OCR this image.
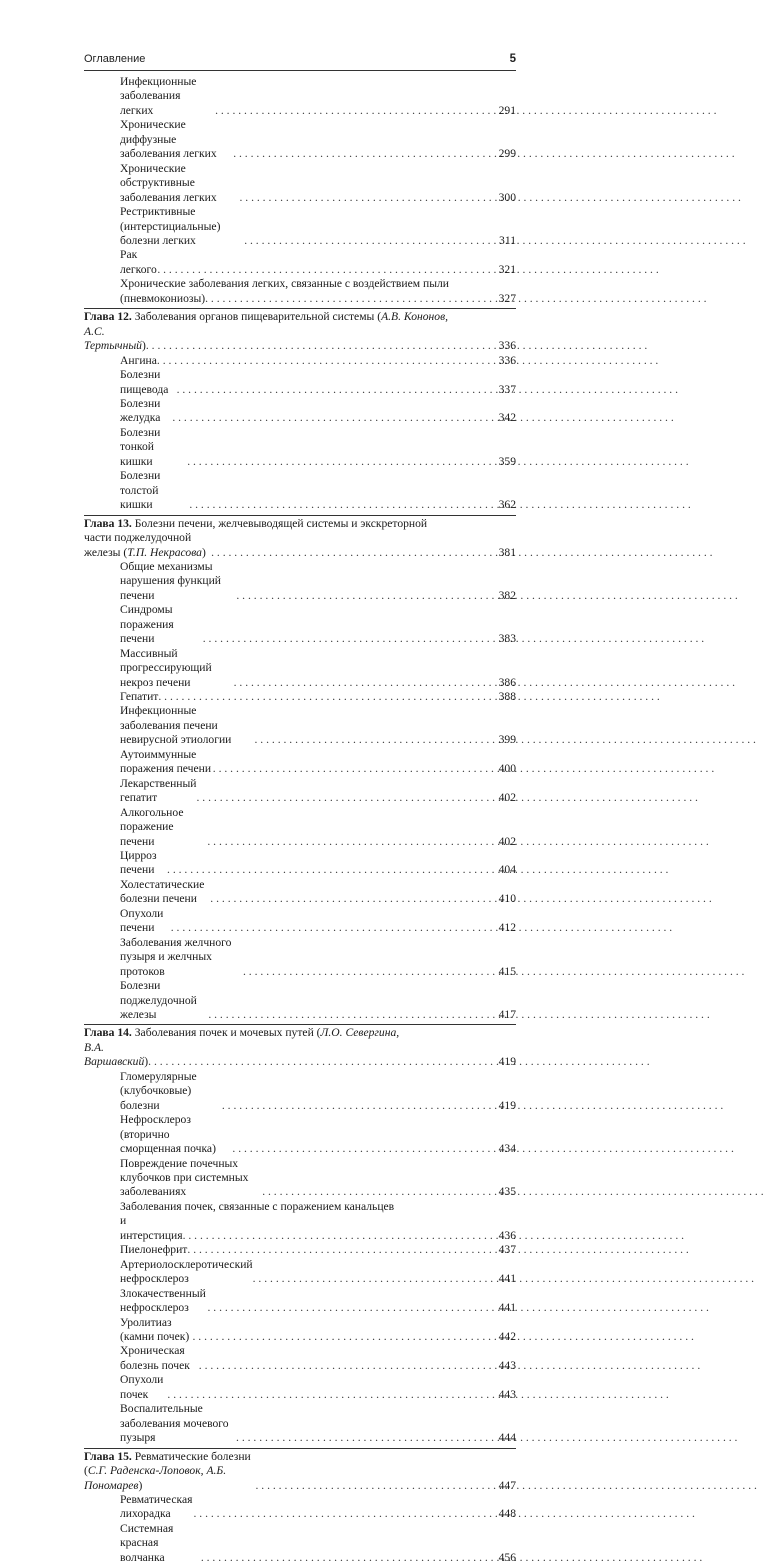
Оглавление	5
Инфекционные заболевания легких . . .	291
Хронические диффузные заболевания легких . . .	299
Хронические обструктивные заболевания легких . . .	300
Рестриктивные (интерстициальные) болезни легких . . .	311
Рак легкого . . .	321
Хронические заболевания легких, связанные с воздействием пыли
(пневмокониозы) . . .	327
Глава 12. Заболевания органов пищеварительной системы (А.В. Кононов,
А.С. Тертычный) . . .	336
Ангина . . .	336
Болезни пищевода . . .	337
Болезни желудка . . .	342
Болезни тонкой кишки . . .	359
Болезни толстой кишки . . .	362
Глава 13. Болезни печени, желчевыводящей системы и экскреторной
части поджелудочной железы (Т.П. Некрасова) . . .	381
Общие механизмы нарушения функций печени . . .	382
Синдромы поражения печени . . .	383
Массивный прогрессирующий некроз печени . . .	386
Гепатит . . .	388
Инфекционные заболевания печени невирусной этиологии . . .	399
Аутоиммунные поражения печени . . .	400
Лекарственный гепатит . . .	402
Алкогольное поражение печени . . .	402
Цирроз печени . . .	404
Холестатические болезни печени . . .	410
Опухоли печени . . .	412
Заболевания желчного пузыря и желчных протоков . . .	415
Болезни поджелудочной железы . . .	417
Глава 14. Заболевания почек и мочевых путей (Л.О. Севергина,
В.А. Варшавский) . . .	419
Гломерулярные (клубочковые) болезни . . .	419
Нефросклероз (вторично сморщенная почка) . . .	434
Повреждение почечных клубочков при системных заболеваниях . . .	435
Заболевания почек, связанные с поражением канальцев
и интерстиция . . .	436
Пиелонефрит . . .	437
Артериолосклеротический нефросклероз . . .	441
Злокачественный нефросклероз . . .	441
Уролитиаз (камни почек) . . .	442
Хроническая болезнь почек . . .	443
Опухоли почек . . .	443
Воспалительные заболевания мочевого пузыря . . .	444
Глава 15. Ревматические болезни (С.Г. Раденска-Лоповок, А.Б. Пономарев) . . .	447
Ревматическая лихорадка . . .	448
Системная красная волчанка . . .	456
